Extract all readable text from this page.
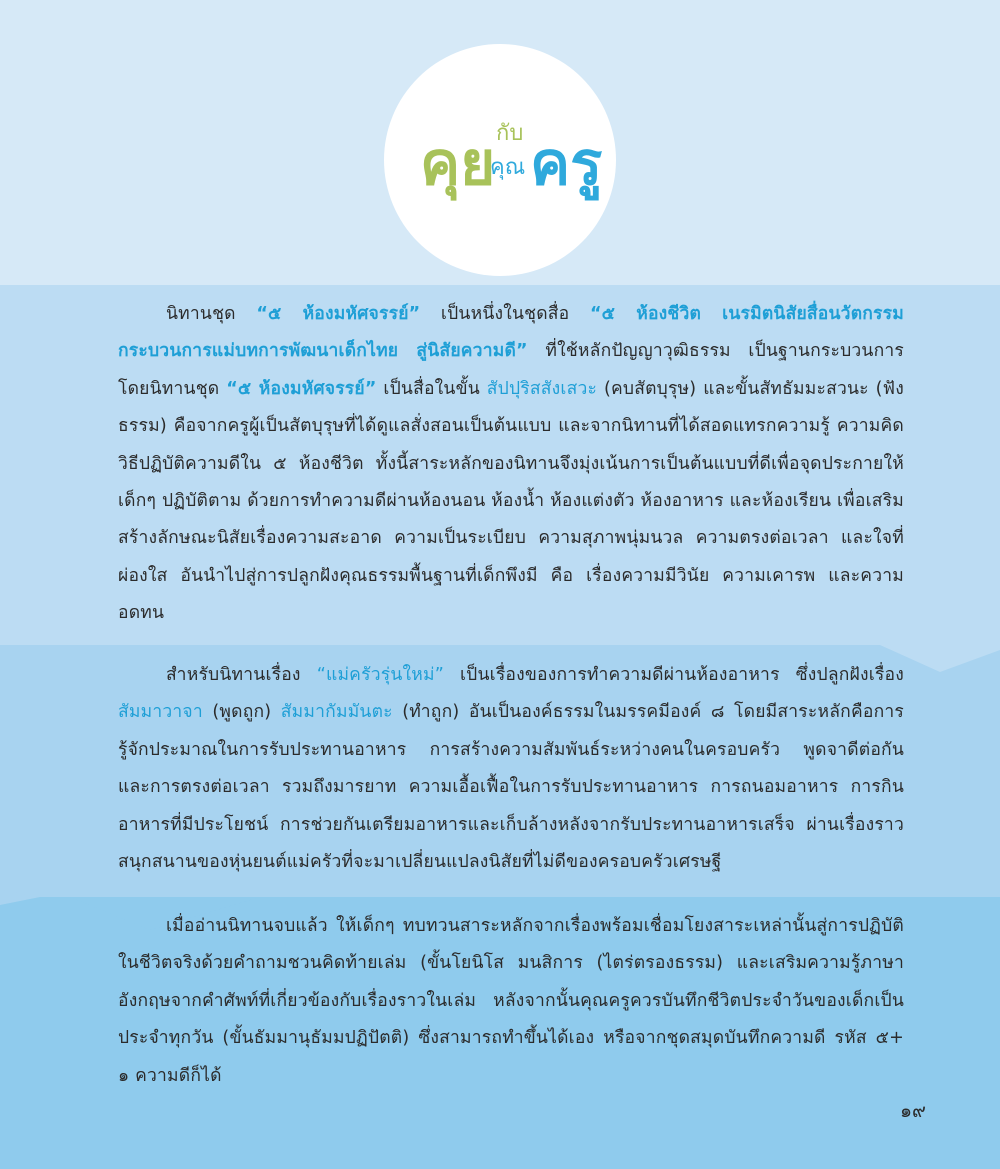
คุย กับ
คุณ ครู
นิทานชุด “๕ ห้องมหัศจรรย์” เป็นหนึ่งในชุดสื่อ “๕ ห้องชีวิต เนรมิตนิสัยสื่อนวัตกรรมกระบวนการแม่บทการพัฒนาเด็กไทย สู่นิสัยความดี” ที่ใช้หลักปัญญาวุฒิธรรม เป็นฐานกระบวนการ โดยนิทานชุด “๕ ห้องมหัศจรรย์” เป็นสื่อในขั้น สัปปุริสสังเสวะ (คบสัตบุรุษ) และขั้นสัทธัมมะสวนะ (ฟังธรรม) คือจากครูผู้เป็นสัตบุรุษที่ได้ดูแลสั่งสอนเป็นต้นแบบ และจากนิทานที่ได้สอดแทรกความรู้ ความคิด วิธีปฏิบัติความดีใน ๕ ห้องชีวิต ทั้งนี้สาระหลักของนิทานจึงมุ่งเน้นการเป็นต้นแบบที่ดีเพื่อจุดประกายให้เด็กๆ ปฏิบัติตาม ด้วยการทำความดีผ่านห้องนอน ห้องน้ำ ห้องแต่งตัว ห้องอาหาร และห้องเรียน เพื่อเสริมสร้างลักษณะนิสัยเรื่องความสะอาด ความเป็นระเบียบ ความสุภาพนุ่มนวล ความตรงต่อเวลา และใจที่ผ่องใส อันนำไปสู่การปลูกฝังคุณธรรมพื้นฐานที่เด็กพึงมี คือ เรื่องความมีวินัย ความเคารพ และความอดทน
สำหรับนิทานเรื่อง “แม่ครัวรุ่นใหม่” เป็นเรื่องของการทำความดีผ่านห้องอาหาร ซึ่งปลูกฝังเรื่องสัมมาวาจา (พูดถูก) สัมมากัมมันตะ (ทำถูก) อันเป็นองค์ธรรมในมรรคมีองค์ ๘ โดยมีสาระหลักคือการรู้จักประมาณในการรับประทานอาหาร การสร้างความสัมพันธ์ระหว่างคนในครอบครัว พูดจาดีต่อกัน และการตรงต่อเวลา รวมถึงมารยาท ความเอื้อเฟื้อในการรับประทานอาหาร การถนอมอาหาร การกินอาหารที่มีประโยชน์ การช่วยกันเตรียมอาหารและเก็บล้างหลังจากรับประทานอาหารเสร็จ ผ่านเรื่องราวสนุกสนานของหุ่นยนต์แม่ครัวที่จะมาเปลี่ยนแปลงนิสัยที่ไม่ดีของครอบครัวเศรษฐี
เมื่ออ่านนิทานจบแล้ว ให้เด็กๆ ทบทวนสาระหลักจากเรื่องพร้อมเชื่อมโยงสาระเหล่านั้นสู่การปฏิบัติในชีวิตจริงด้วยคำถามชวนคิดท้ายเล่ม (ขั้นโยนิโส มนสิการ (ไตร่ตรองธรรม) และเสริมความรู้ภาษาอังกฤษจากคำศัพท์ที่เกี่ยวข้องกับเรื่องราวในเล่ม หลังจากนั้นคุณครูควรบันทึกชีวิตประจำวันของเด็กเป็นประจำทุกวัน (ขั้นธัมมานุธัมมปฏิปัตติ) ซึ่งสามารถทำขึ้นได้เอง หรือจากชุดสมุดบันทึกความดี รหัส ๕+ ๑ ความดีก็ได้
๑๙
